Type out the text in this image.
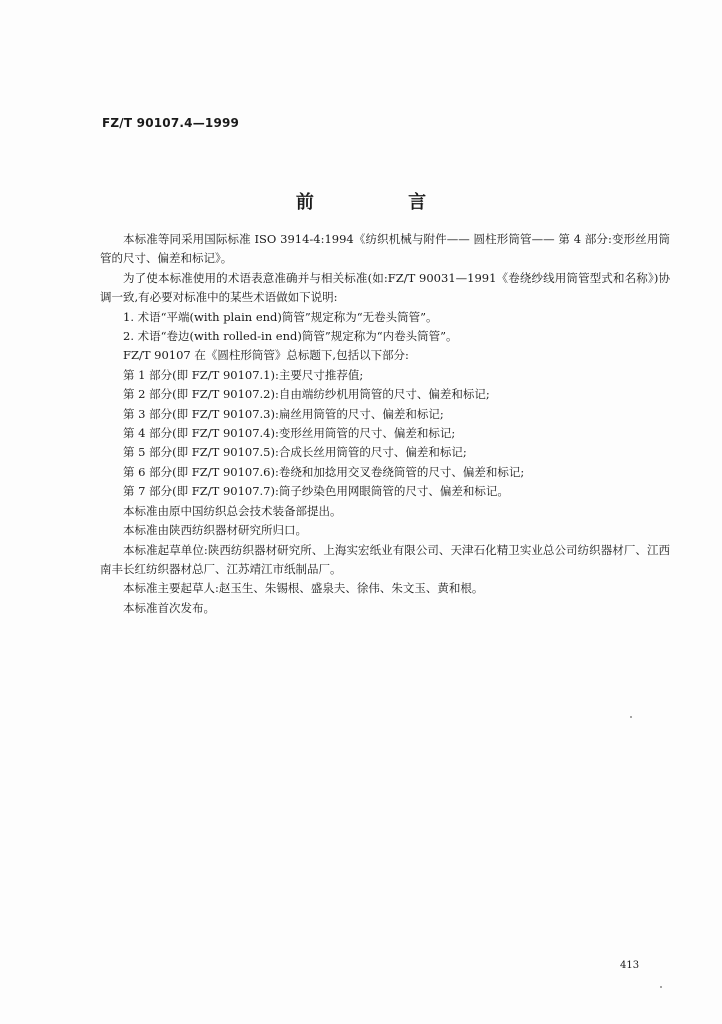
FZ/T 90107.4—1999
前 言

本标准等同采用国际标准 ISO 3914-4:1994《纺织机械与附件—— 圆柱形筒管—— 第 4 部分:变形丝用筒管的尺寸、偏差和标记》。

为了使本标准使用的术语表意准确并与相关标准(如:FZ/T 90031—1991《卷绕纱线用筒管型式和名称》)协调一致,有必要对标准中的某些术语做如下说明:

1. 术语“平端(with plain end)筒管”规定称为“无卷头筒管”。

2. 术语“卷边(with rolled-in end)筒管”规定称为“内卷头筒管”。

FZ/T 90107 在《圆柱形筒管》总标题下,包括以下部分:

第 1 部分(即 FZ/T 90107.1):主要尺寸推荐值;

第 2 部分(即 FZ/T 90107.2):自由端纺纱机用筒管的尺寸、偏差和标记;

第 3 部分(即 FZ/T 90107.3):扁丝用筒管的尺寸、偏差和标记;

第 4 部分(即 FZ/T 90107.4):变形丝用筒管的尺寸、偏差和标记;

第 5 部分(即 FZ/T 90107.5):合成长丝用筒管的尺寸、偏差和标记;

第 6 部分(即 FZ/T 90107.6):卷绕和加捻用交叉卷绕筒管的尺寸、偏差和标记;

第 7 部分(即 FZ/T 90107.7):筒子纱染色用网眼筒管的尺寸、偏差和标记。

本标准由原中国纺织总会技术装备部提出。

本标准由陕西纺织器材研究所归口。

本标准起草单位:陕西纺织器材研究所、上海实宏纸业有限公司、天津石化精卫实业总公司纺织器材厂、江西南丰长红纺织器材总厂、江苏靖江市纸制品厂。

本标准主要起草人:赵玉生、朱锡根、盛泉夫、徐伟、朱文玉、黄和根。

本标准首次发布。

413
